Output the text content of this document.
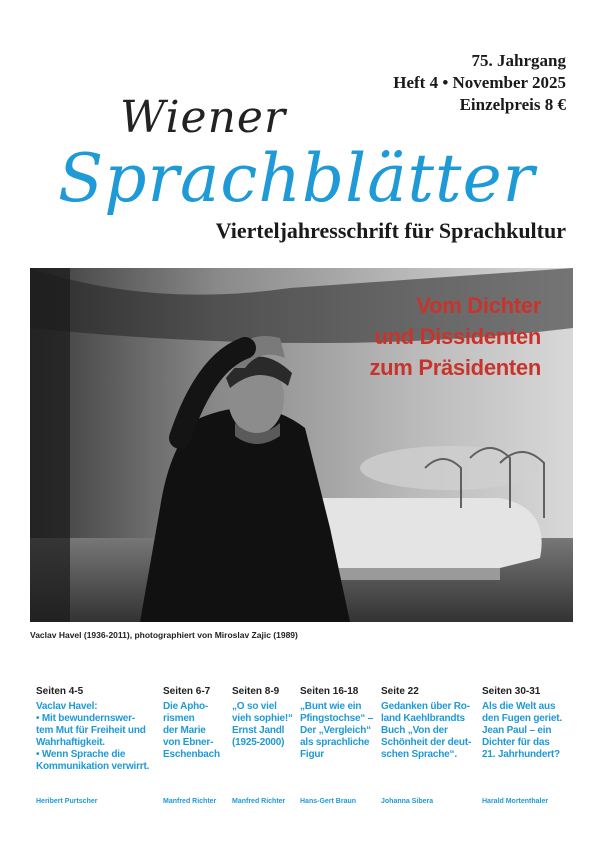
75. Jahrgang
Heft 4 • November 2025
Einzelpreis 8 €
Wiener
Sprachblätter
Vierteljahresschrift für Sprachkultur
Vom Dichter
und Dissidenten
zum Präsidenten
Vaclav Havel (1936-2011), photographiert von Miroslav Zajic (1989)
Seiten 4-5
Vaclav Havel:
• Mit bewundernswer-
tem Mut für Freiheit und
Wahrhaftigkeit.
• Wenn Sprache die
Kommunikation verwirrt.
Heribert Purtscher
Seiten 6-7
Die Apho-
rismen
der Marie
von Ebner-
Eschenbach
Manfred Richter
Seiten 8-9
„O so viel
vieh sophie!“
Ernst Jandl
(1925-2000)
Manfred Richter
Seiten 16-18
„Bunt wie ein
Pfingstochse“ –
Der „Vergleich“
als sprachliche
Figur
Hans-Gert Braun
Seite 22
Gedanken über Ro-
land Kaehlbrandts
Buch „Von der
Schönheit der deut-
schen Sprache“.
Johanna Sibera
Seiten 30-31
Als die Welt aus
den Fugen geriet.
Jean Paul – ein
Dichter für das
21. Jahrhundert?
Harald Mortenthaler
